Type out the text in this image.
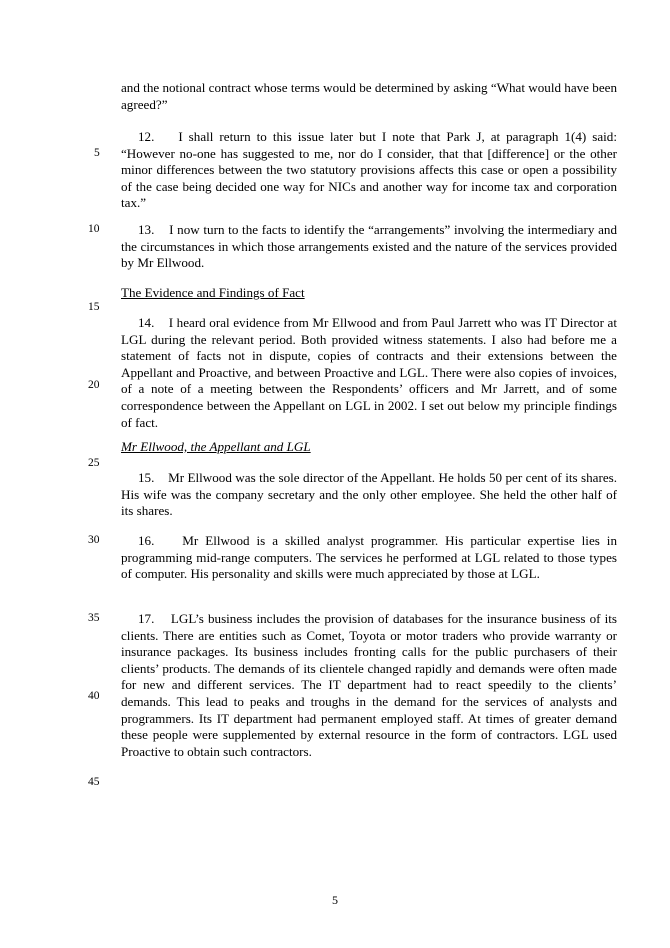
5
10
15
20
25
30
35
40
45
and the notional contract whose terms would be determined by asking “What would have been agreed?”
12. I shall return to this issue later but I note that Park J, at paragraph 1(4) said: “However no-one has suggested to me, nor do I consider, that that [difference] or the other minor differences between the two statutory provisions affects this case or open a possibility of the case being decided one way for NICs and another way for income tax and corporation tax.”
13. I now turn to the facts to identify the “arrangements” involving the intermediary and the circumstances in which those arrangements existed and the nature of the services provided by Mr Ellwood.
The Evidence and Findings of Fact
14. I heard oral evidence from Mr Ellwood and from Paul Jarrett who was IT Director at LGL during the relevant period. Both provided witness statements. I also had before me a statement of facts not in dispute, copies of contracts and their extensions between the Appellant and Proactive, and between Proactive and LGL. There were also copies of invoices, of a note of a meeting between the Respondents’ officers and Mr Jarrett, and of some correspondence between the Appellant on LGL in 2002. I set out below my principle findings of fact.
Mr Ellwood, the Appellant and LGL
15. Mr Ellwood was the sole director of the Appellant. He holds 50 per cent of its shares. His wife was the company secretary and the only other employee. She held the other half of its shares.
16. Mr Ellwood is a skilled analyst programmer. His particular expertise lies in programming mid-range computers. The services he performed at LGL related to those types of computer. His personality and skills were much appreciated by those at LGL.
17. LGL’s business includes the provision of databases for the insurance business of its clients. There are entities such as Comet, Toyota or motor traders who provide warranty or insurance packages. Its business includes fronting calls for the public purchasers of their clients’ products. The demands of its clientele changed rapidly and demands were often made for new and different services. The IT department had to react speedily to the clients’ demands. This lead to peaks and troughs in the demand for the services of analysts and programmers. Its IT department had permanent employed staff. At times of greater demand these people were supplemented by external resource in the form of contractors. LGL used Proactive to obtain such contractors.
5
